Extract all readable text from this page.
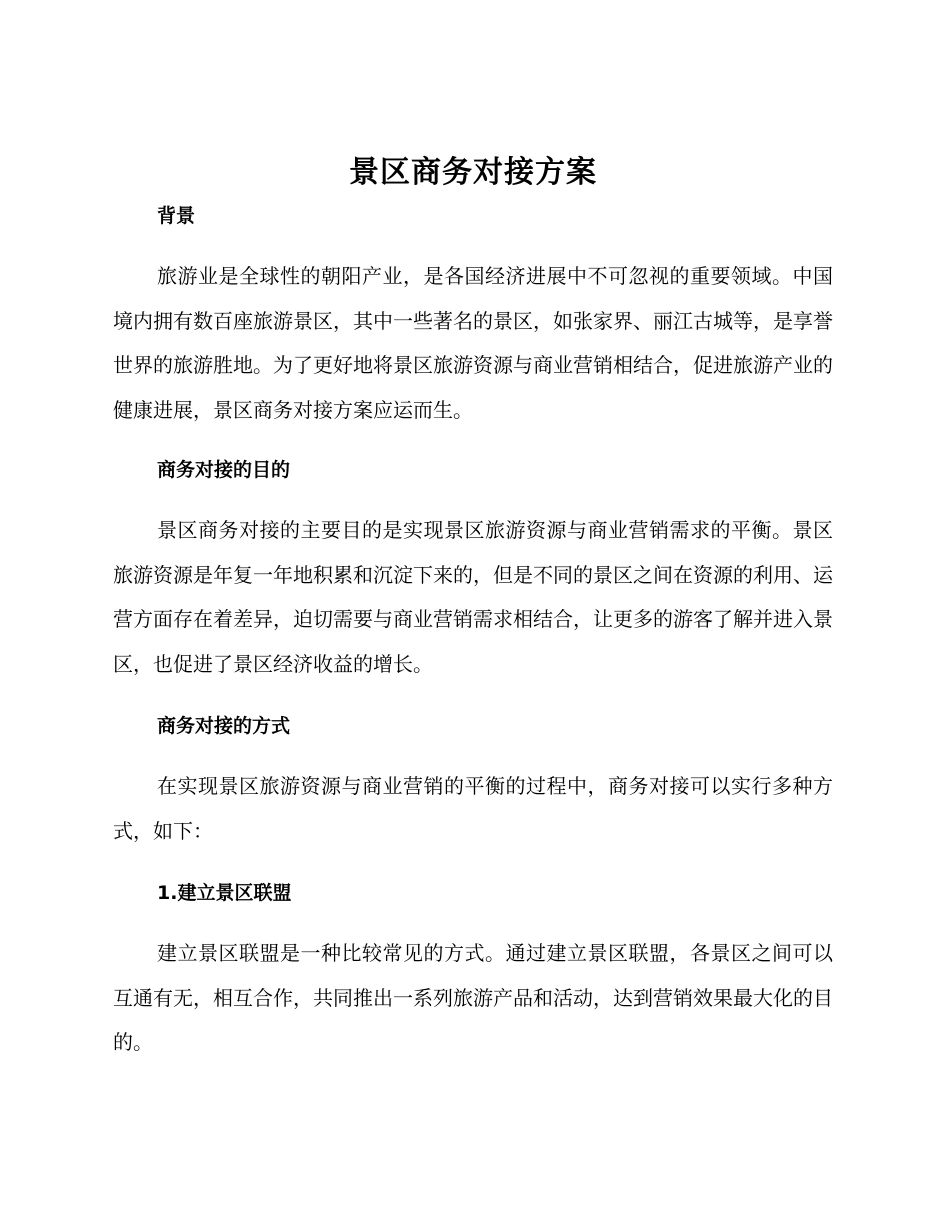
景区商务对接方案
背景

旅游业是全球性的朝阳产业，是各国经济进展中不可忽视的重要领域。中国境内拥有数百座旅游景区，其中一些著名的景区，如张家界、丽江古城等，是享誉世界的旅游胜地。为了更好地将景区旅游资源与商业营销相结合，促进旅游产业的健康进展，景区商务对接方案应运而生。

商务对接的目的

景区商务对接的主要目的是实现景区旅游资源与商业营销需求的平衡。景区旅游资源是年复一年地积累和沉淀下来的，但是不同的景区之间在资源的利用、运营方面存在着差异，迫切需要与商业营销需求相结合，让更多的游客了解并进入景区，也促进了景区经济收益的增长。

商务对接的方式

在实现景区旅游资源与商业营销的平衡的过程中，商务对接可以实行多种方式，如下：

1.建立景区联盟

建立景区联盟是一种比较常见的方式。通过建立景区联盟，各景区之间可以互通有无，相互合作，共同推出一系列旅游产品和活动，达到营销效果最大化的目的。
